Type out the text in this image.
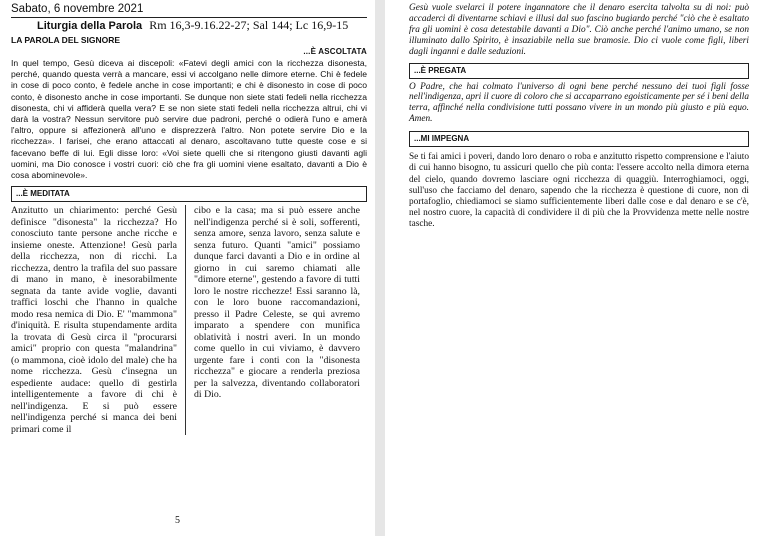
Sabato, 6 novembre 2021
Liturgia della Parola Rm 16,3-9.16.22-27; Sal 144; Lc 16,9-15
LA PAROLA DEL SIGNORE
...È ASCOLTATA

In quel tempo, Gesù diceva ai discepoli: «Fatevi degli amici con la ricchezza disonesta, perché, quando questa verrà a mancare, essi vi accolgano nelle dimore eterne. Chi è fedele in cose di poco conto, è fedele anche in cose importanti; e chi è disonesto in cose di poco conto, è disonesto anche in cose importanti. Se dunque non siete stati fedeli nella ricchezza disonesta, chi vi affiderà quella vera? E se non siete stati fedeli nella ricchezza altrui, chi vi darà la vostra? Nessun servitore può servire due padroni, perché o odierà l'uno e amerà l'altro, oppure si affezionerà all'uno e disprezzerà l'altro. Non potete servire Dio e la ricchezza». I farisei, che erano attaccati al denaro, ascoltavano tutte queste cose e si facevano beffe di lui. Egli disse loro: «Voi siete quelli che si ritengono giusti davanti agli uomini, ma Dio conosce i vostri cuori: ciò che fra gli uomini viene esaltato, davanti a Dio è cosa abominevole».

...È MEDITATA

Anzitutto un chiarimento: perché Gesù definisce "disonesta" la ricchezza? Ho conosciuto tante persone anche ricche e insieme oneste. Attenzione! Gesù parla della ricchezza, non di ricchi. La ricchezza, dentro la trafila del suo passare di mano in mano, è inesorabilmente segnata da tante avide voglie, davanti traffici loschi che l'hanno in qualche modo resa nemica di Dio. E' "mammona" d'iniquità. E risulta stupendamente ardita la trovata di Gesù circa il "procurarsi amici" proprio con questa "malandrina" (o mammona, cioè idolo del male) che ha nome ricchezza. Gesù c'insegna un espediente audace: quello di gestirla intelligentemente a favore di chi è nell'indigenza. E si può essere nell'indigenza perché si manca dei beni primari come il

cibo e la casa; ma si può essere anche nell'indigenza perché si è soli, sofferenti, senza amore, senza lavoro, senza salute e senza futuro. Quanti "amici" possiamo dunque farci davanti a Dio e in ordine al giorno in cui saremo chiamati alle "dimore eterne", gestendo a favore di tutti loro le nostre ricchezze! Essi saranno là, con le loro buone raccomandazioni, presso il Padre Celeste, se qui avremo imparato a spendere con munifica oblatività i nostri averi. In un mondo come quello in cui viviamo, è davvero urgente fare i conti con la "disonesta ricchezza" e giocare a renderla preziosa per la salvezza, diventando collaboratori di Dio.

5

Gesù vuole svelarci il potere ingannatore che il denaro esercita talvolta su di noi: può accaderci di diventarne schiavi e illusi dal suo fascino bugiardo perché "ciò che è esaltato fra gli uomini è cosa detestabile davanti a Dio". Ciò anche perché l'animo umano, se non illuminato dallo Spirito, è insaziabile nella sue bramosie. Dio ci vuole come figli, liberi dagli inganni e dalle seduzioni.

...È PREGATA

O Padre, che hai colmato l'universo di ogni bene perché nessuno dei tuoi figli fosse nell'indigenza, apri il cuore di coloro che si accaparrano egoisticamente per sé i beni della terra, affinché nella condivisione tutti possano vivere in un mondo più giusto e più equo. Amen.

...MI IMPEGNA

Se ti fai amici i poveri, dando loro denaro o roba e anzitutto rispetto comprensione e l'aiuto di cui hanno bisogno, tu assicuri quello che più conta: l'essere accolto nella dimora eterna del cielo, quando dovremo lasciare ogni ricchezza di quaggiù. Interroghiamoci, oggi, sull'uso che facciamo del denaro, sapendo che la ricchezza è questione di cuore, non di portafoglio, chiediamoci se siamo sufficientemente liberi dalle cose e dal denaro e se c'è, nel nostro cuore, la capacità di condividere il di più che la Provvidenza mette nelle nostre tasche.
